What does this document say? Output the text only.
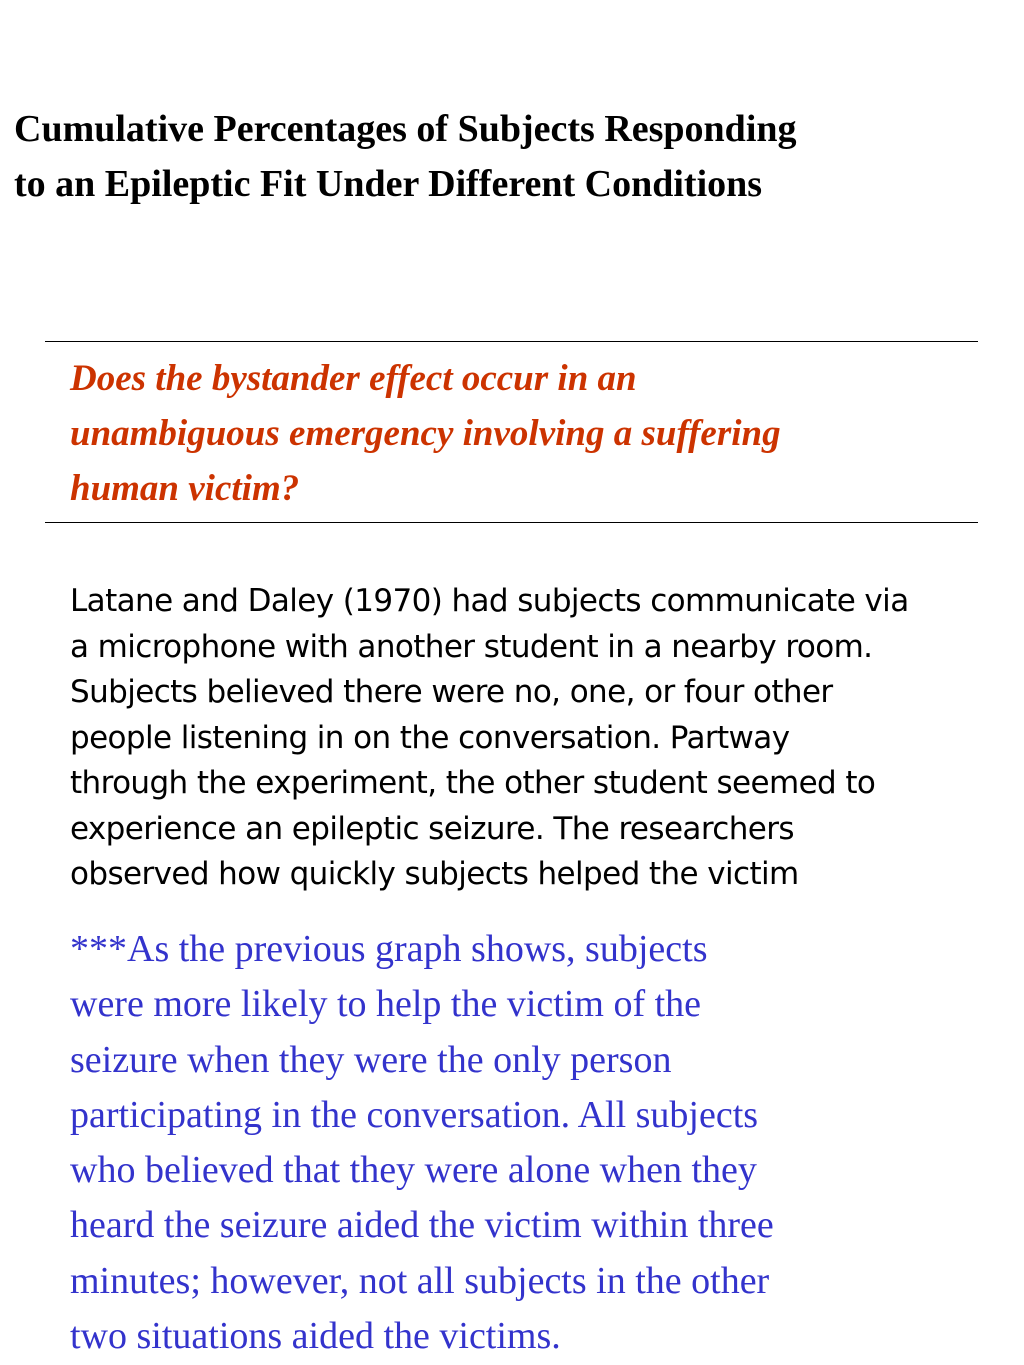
Cumulative Percentages of Subjects Responding
to an Epileptic Fit Under Different Conditions

Does the bystander effect occur in an
unambiguous emergency involving a suffering
human victim?

Latane and Daley (1970) had subjects communicate via
a microphone with another student in a nearby room.
Subjects believed there were no, one, or four other
people listening in on the conversation. Partway
through the experiment, the other student seemed to
experience an epileptic seizure. The researchers
observed how quickly subjects helped the victim

***As the previous graph shows, subjects
were more likely to help the victim of the
seizure when they were the only person
participating in the conversation. All subjects
who believed that they were alone when they
heard the seizure aided the victim within three
minutes; however, not all subjects in the other
two situations aided the victims.
